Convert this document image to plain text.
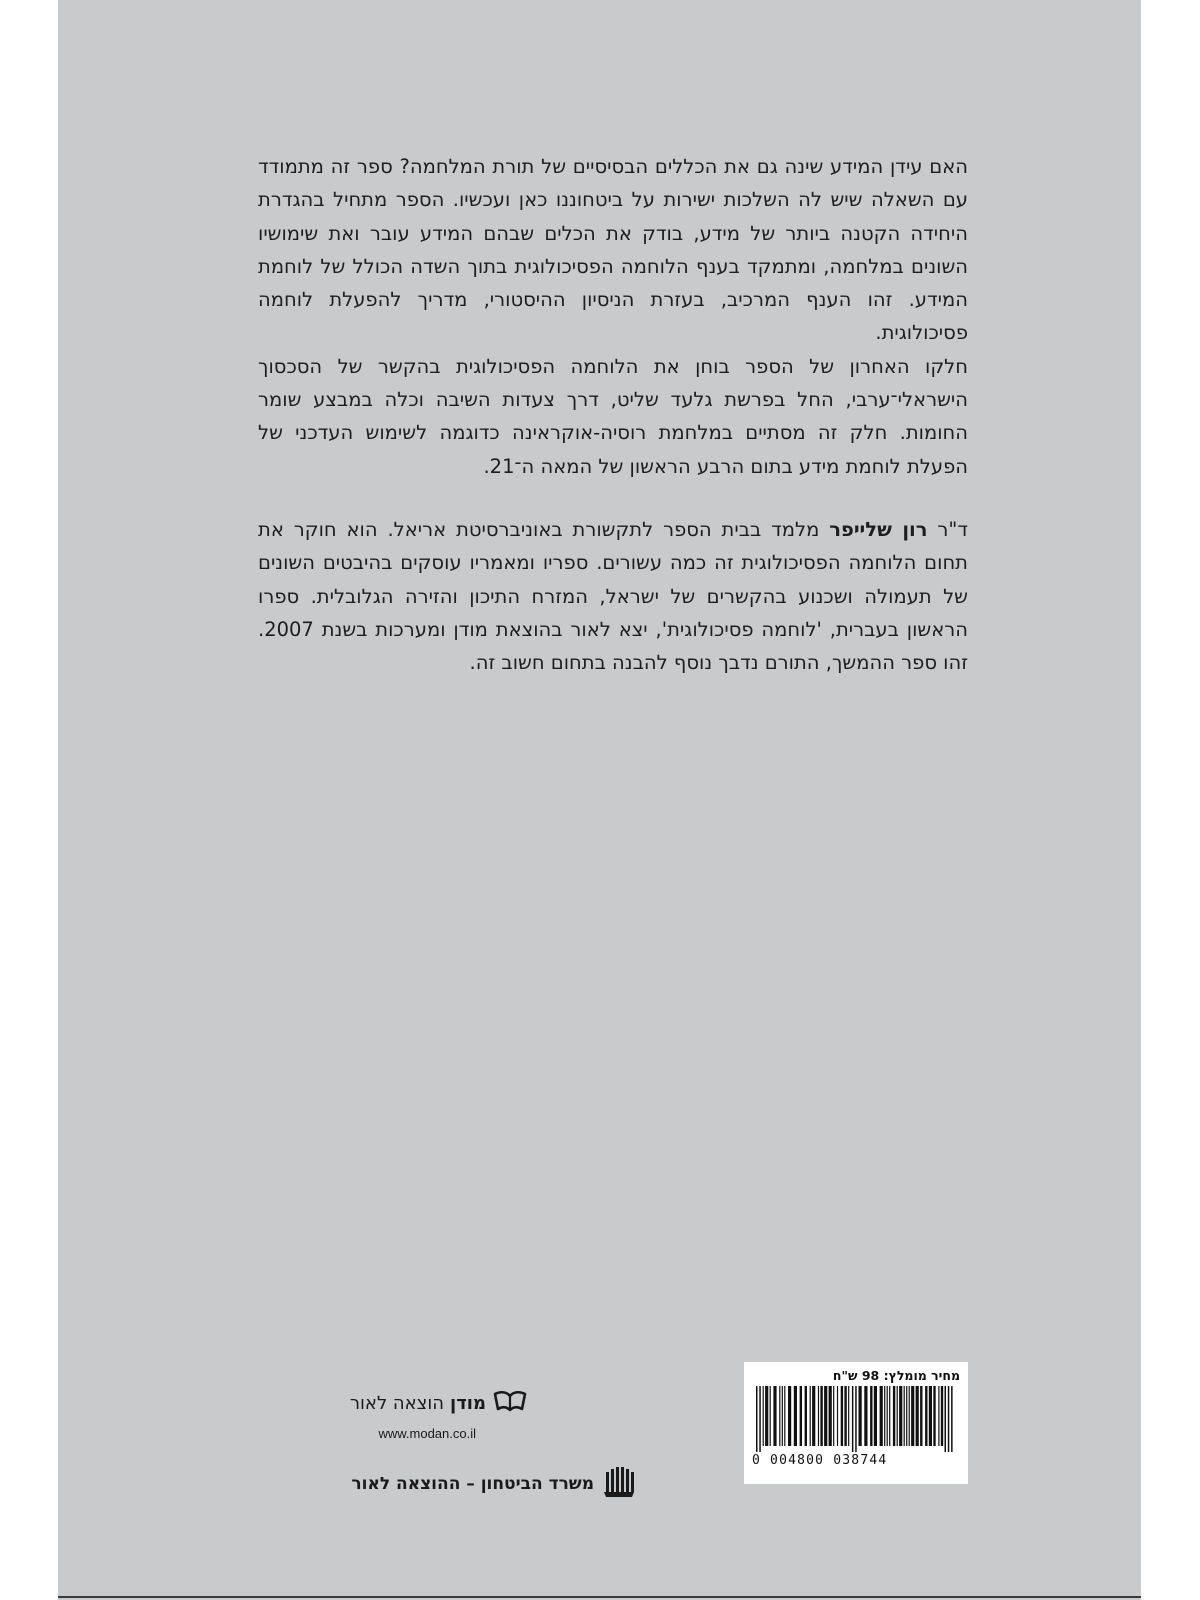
האם עידן המידע שינה גם את הכללים הבסיסיים של תורת המלחמה? ספר זה מתמודד עם השאלה שיש לה השלכות ישירות על ביטחוננו כאן ועכשיו. הספר מתחיל בהגדרת היחידה הקטנה ביותר של מידע, בודק את הכלים שבהם המידע עובר ואת שימושיו השונים במלחמה, ומתמקד בענף הלוחמה הפסיכולוגית בתוך השדה הכולל של לוחמת המידע. זהו הענף המרכיב, בעזרת הניסיון ההיסטורי, מדריך להפעלת לוחמה פסיכולוגית.

חלקו האחרון של הספר בוחן את הלוחמה הפסיכולוגית בהקשר של הסכסוך הישראלי־ערבי, החל בפרשת גלעד שליט, דרך צעדות השיבה וכלה במבצע שומר החומות. חלק זה מסתיים במלחמת רוסיה-אוקראינה כדוגמה לשימוש העדכני של הפעלת לוחמת מידע בתום הרבע הראשון של המאה ה־21.

ד"ר רון שלייפר מלמד בבית הספר לתקשורת באוניברסיטת אריאל. הוא חוקר את תחום הלוחמה הפסיכולוגית זה כמה עשורים. ספריו ומאמריו עוסקים בהיבטים השונים של תעמולה ושכנוע בהקשרים של ישראל, המזרח התיכון והזירה הגלובלית. ספרו הראשון בעברית, 'לוחמה פסיכולוגית', יצא לאור בהוצאת מודן ומערכות בשנת 2007. זהו ספר ההמשך, התורם נדבך נוסף להבנה בתחום חשוב זה.

מחיר מומלץ: 98 ש"ח
0 004800 038744
מודן
הוצאה לאור
www.modan.co.il
משרד הביטחון – ההוצאה לאור
